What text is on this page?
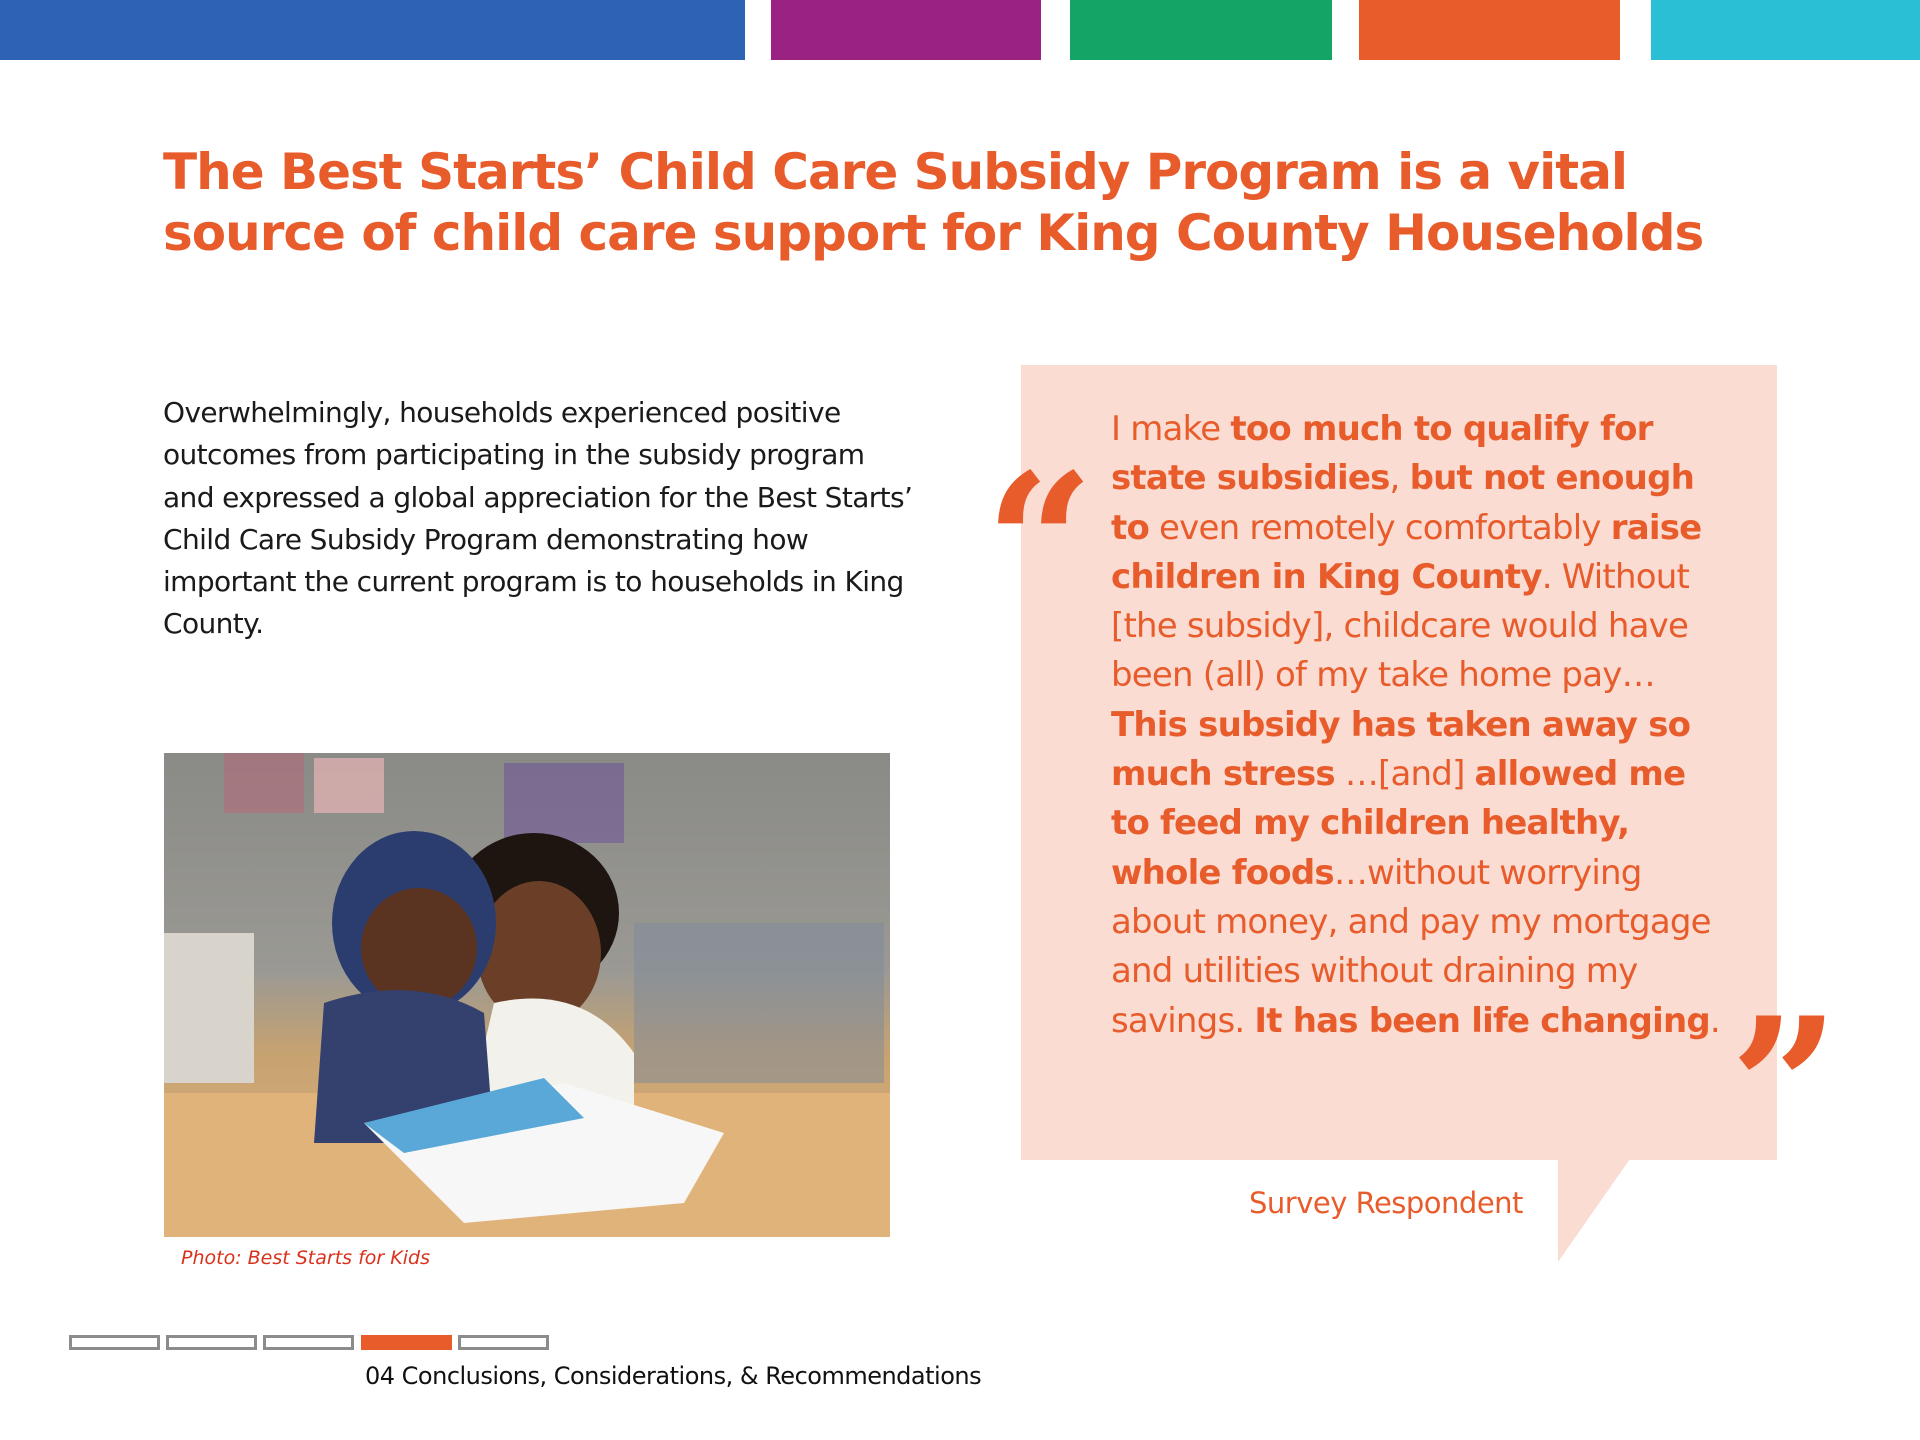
The Best Starts’ Child Care Subsidy Program is a vital source of child care support for King County Households

Overwhelmingly, households experienced positive outcomes from participating in the subsidy program and expressed a global appreciation for the Best Starts’ Child Care Subsidy Program demonstrating how important the current program is to households in King County.

Photo: Best Starts for Kids
“
”
I make too much to qualify for state subsidies, but not enough to even remotely comfortably raise children in King County. Without [the subsidy], childcare would have been (all) of my take home pay… This subsidy has taken away so much stress …[and] allowed me to feed my children healthy, whole foods…without worrying about money, and pay my mortgage and utilities without draining my savings. It has been life changing.
Survey Respondent
04 Conclusions, Considerations, & Recommendations
